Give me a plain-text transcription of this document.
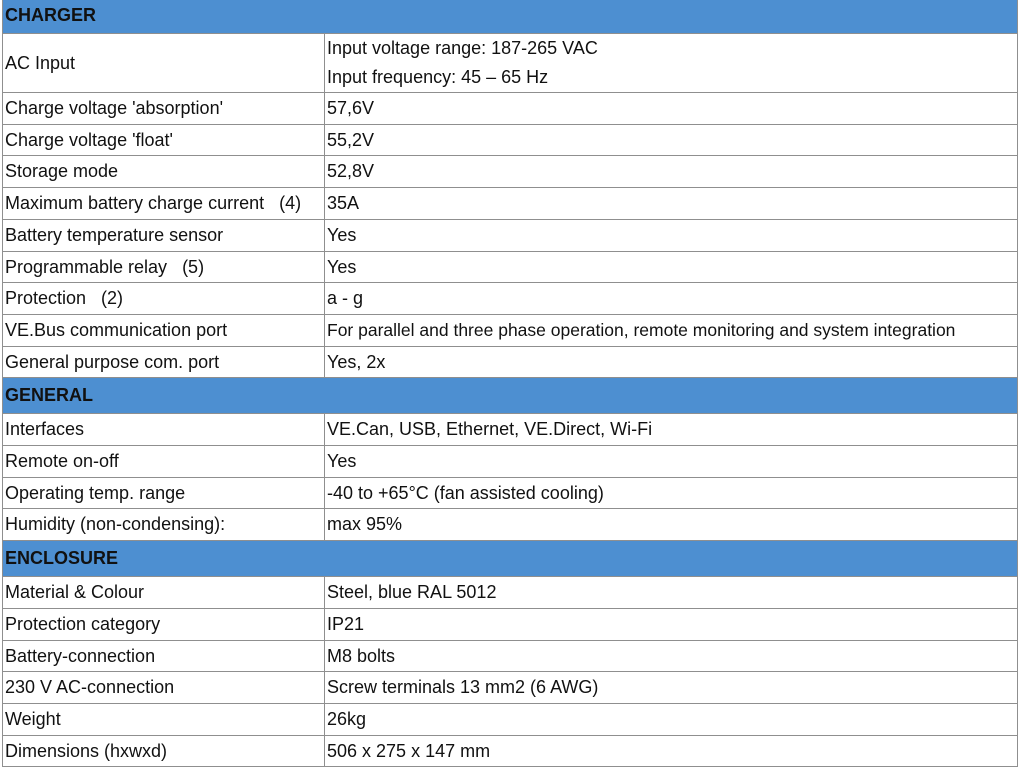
CHARGER	
AC Input	Input voltage range: 187-265 VAC
Input frequency: 45 – 65 Hz

Charge voltage 'absorption'	57,6V
Charge voltage 'float'	55,2V
Storage mode	52,8V
Maximum battery charge current   (4)	35A
Battery temperature sensor	Yes
Programmable relay   (5)	Yes
Protection   (2)	a - g
VE.Bus communication port	For parallel and three phase operation, remote monitoring and system integration
General purpose com. port	Yes, 2x
GENERAL	
Interfaces	VE.Can, USB, Ethernet, VE.Direct, Wi-Fi
Remote on-off	Yes
Operating temp. range	-40 to +65°C (fan assisted cooling)
Humidity (non-condensing):	max 95%
ENCLOSURE	
Material & Colour	Steel, blue RAL 5012
Protection category	IP21
Battery-connection	M8 bolts
230 V AC-connection	Screw terminals 13 mm2 (6 AWG)
Weight	26kg
Dimensions (hxwxd)	506 x 275 x 147 mm
